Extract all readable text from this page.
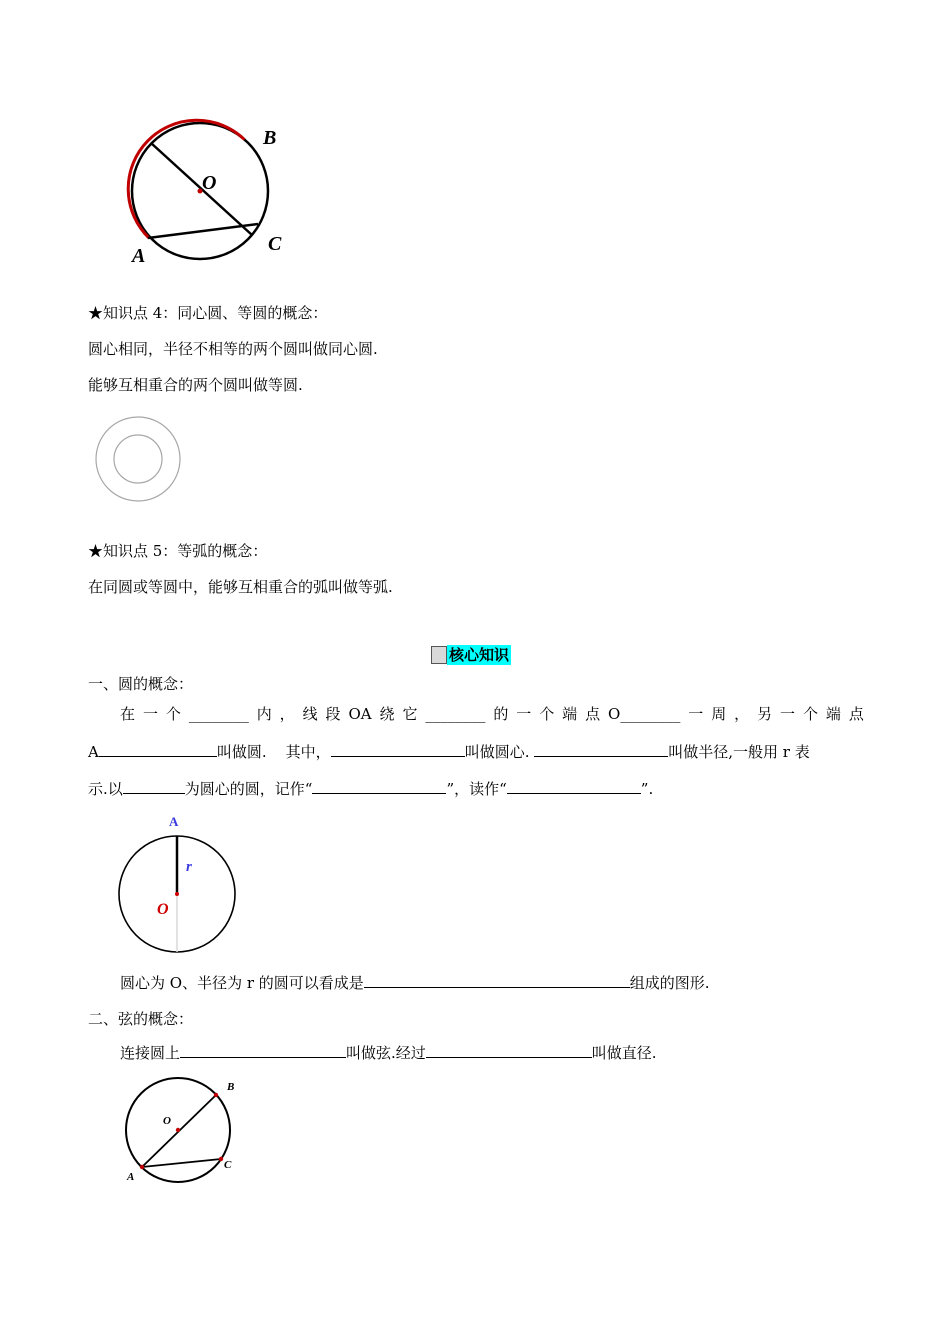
B
O
A
C
★知识点 4：同心圆、等圆的概念：
圆心相同，半径不相等的两个圆叫做同心圆.
能够互相重合的两个圆叫做等圆.
★知识点 5：等弧的概念：
在同圆或等圆中，能够互相重合的弧叫做等弧.
核心知识
一、圆的概念：
在 一 个 ________ 内 ， 线 段 OA 绕 它 ________ 的 一 个 端 点 O________ 一 周 ， 另 一 个 端 点
A	叫做圆.    其中，	叫做圆心.	叫做半径,一般用 r 表
示.以	为圆心的圆，记作“	”，读作“	”.
A
r
O
圆心为 O、半径为 r 的圆可以看成是	组成的图形.
二、弦的概念：
连接圆上	叫做弦.经过	叫做直径.
B
O
A
C
